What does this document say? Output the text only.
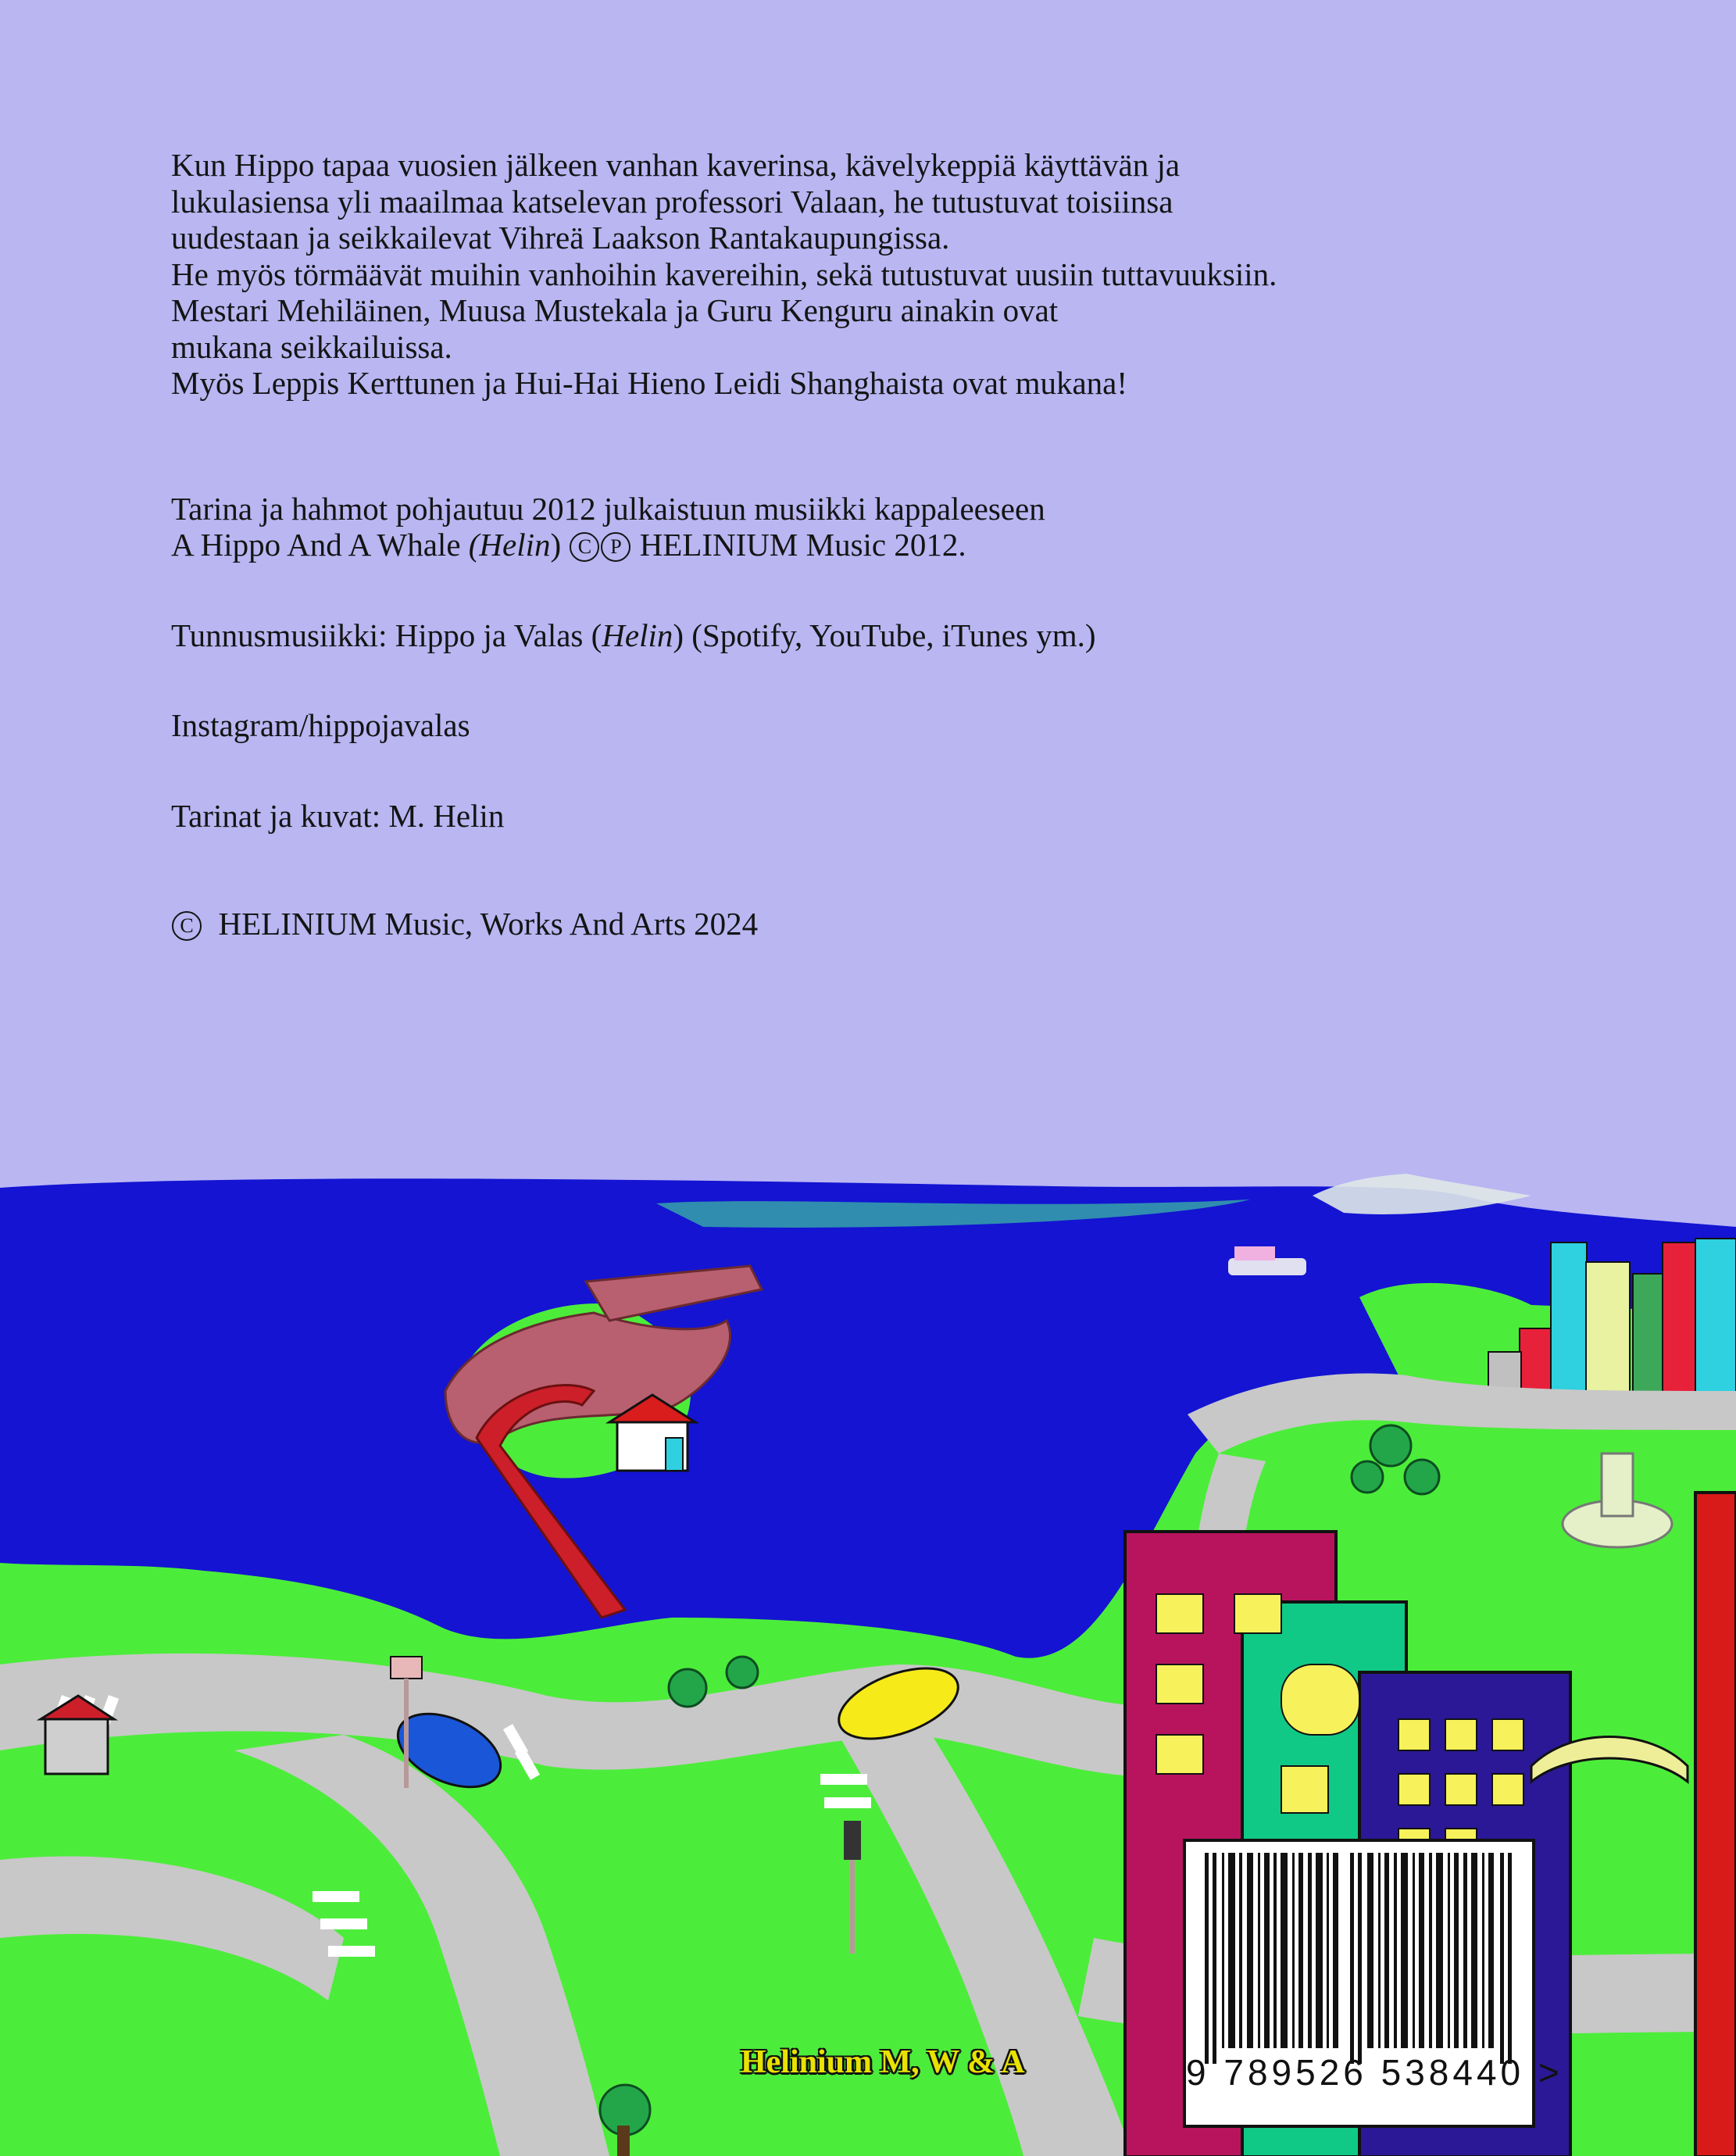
Kun Hippo tapaa vuosien jälkeen vanhan kaverinsa, kävelykeppiä käyttävän ja

lukulasiensa yli maailmaa katselevan professori Valaan, he tutustuvat toisiinsa

uudestaan ja seikkailevat Vihreä Laakson Rantakaupungissa.

He myös törmäävät muihin vanhoihin kavereihin, sekä tutustuvat uusiin tuttavuuksiin.

Mestari Mehiläinen, Muusa Mustekala ja Guru Kenguru ainakin ovat

mukana seikkailuissa.

Myös Leppis Kerttunen ja Hui-Hai Hieno Leidi Shanghaista ovat mukana!

Tarina ja hahmot pohjautuu 2012 julkaistuun musiikki kappaleeseen

A Hippo And A Whale (Helin) C P HELINIUM Music 2012.

Tunnusmusiikki: Hippo ja Valas (Helin) (Spotify, YouTube, iTunes ym.)

Instagram/hippojavalas

Tarinat ja kuvat: M. Helin

C HELINIUM Music, Works And Arts 2024

9 789526 538440 >
Helinium M, W & A
